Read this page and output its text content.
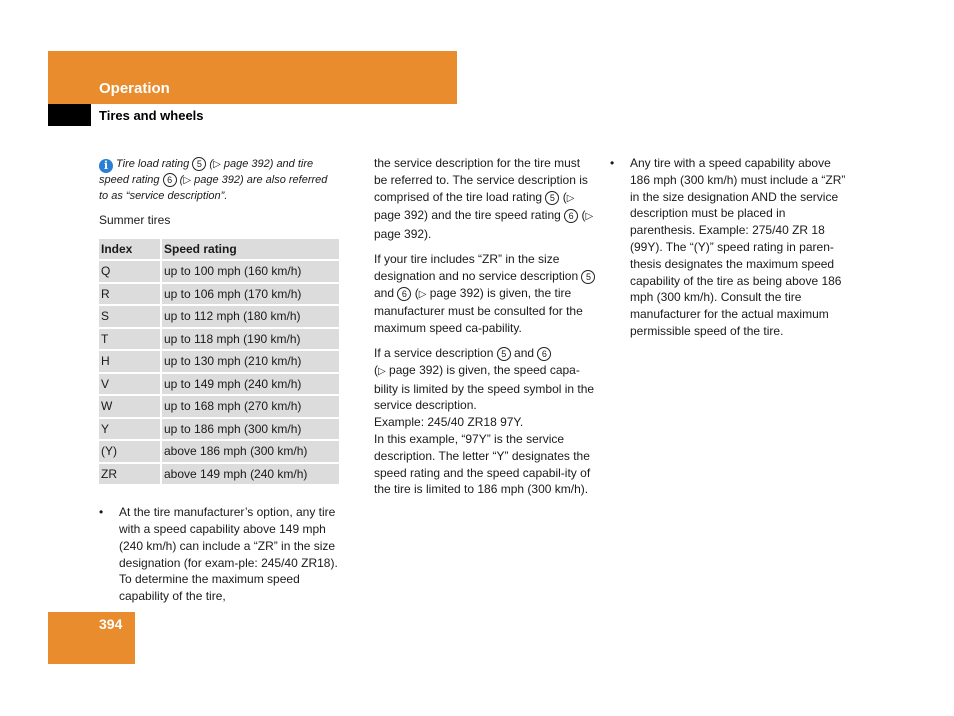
Operation
Tires and wheels

i Tire load rating 5 (▷ page 392) and tire speed rating 6 (▷ page 392) are also referred to as “service description”.

Summer tires

Index	Speed rating
Q	up to 100 mph (160 km/h)
R	up to 106 mph (170 km/h)
S	up to 112 mph (180 km/h)
T	up to 118 mph (190 km/h)
H	up to 130 mph (210 km/h)
V	up to 149 mph (240 km/h)
W	up to 168 mph (270 km/h)
Y	up to 186 mph (300 km/h)
(Y)	above 186 mph (300 km/h)
ZR	above 149 mph (240 km/h)

• At the tire manufacturer’s option, any tire with a speed capability above 149 mph (240 km/h) can include a “ZR” in the size designation (for exam-ple: 245/40 ZR18). To determine the maximum speed capability of the tire,

the service description for the tire must be referred to. The service description is comprised of the tire load rating 5 (▷ page 392) and the tire speed rating 6 (▷ page 392).

If your tire includes “ZR” in the size designation and no service description 5 and 6 (▷ page 392) is given, the tire manufacturer must be consulted for the maximum speed ca-pability.

If a service description 5 and 6
(▷ page 392) is given, the speed capa-bility is limited by the speed symbol in the service description.
Example: 245/40 ZR18 97Y.
In this example, “97Y” is the service description. The letter “Y” designates the speed rating and the speed capabil-ity of the tire is limited to 186 mph (300 km/h).

• Any tire with a speed capability above 186 mph (300 km/h) must include a “ZR” in the size designation AND the service description must be placed in parenthesis. Example: 275/40 ZR 18 (99Y). The “(Y)” speed rating in paren-thesis designates the maximum speed capability of the tire as being above 186 mph (300 km/h). Consult the tire manufacturer for the actual maximum permissible speed of the tire.

394
